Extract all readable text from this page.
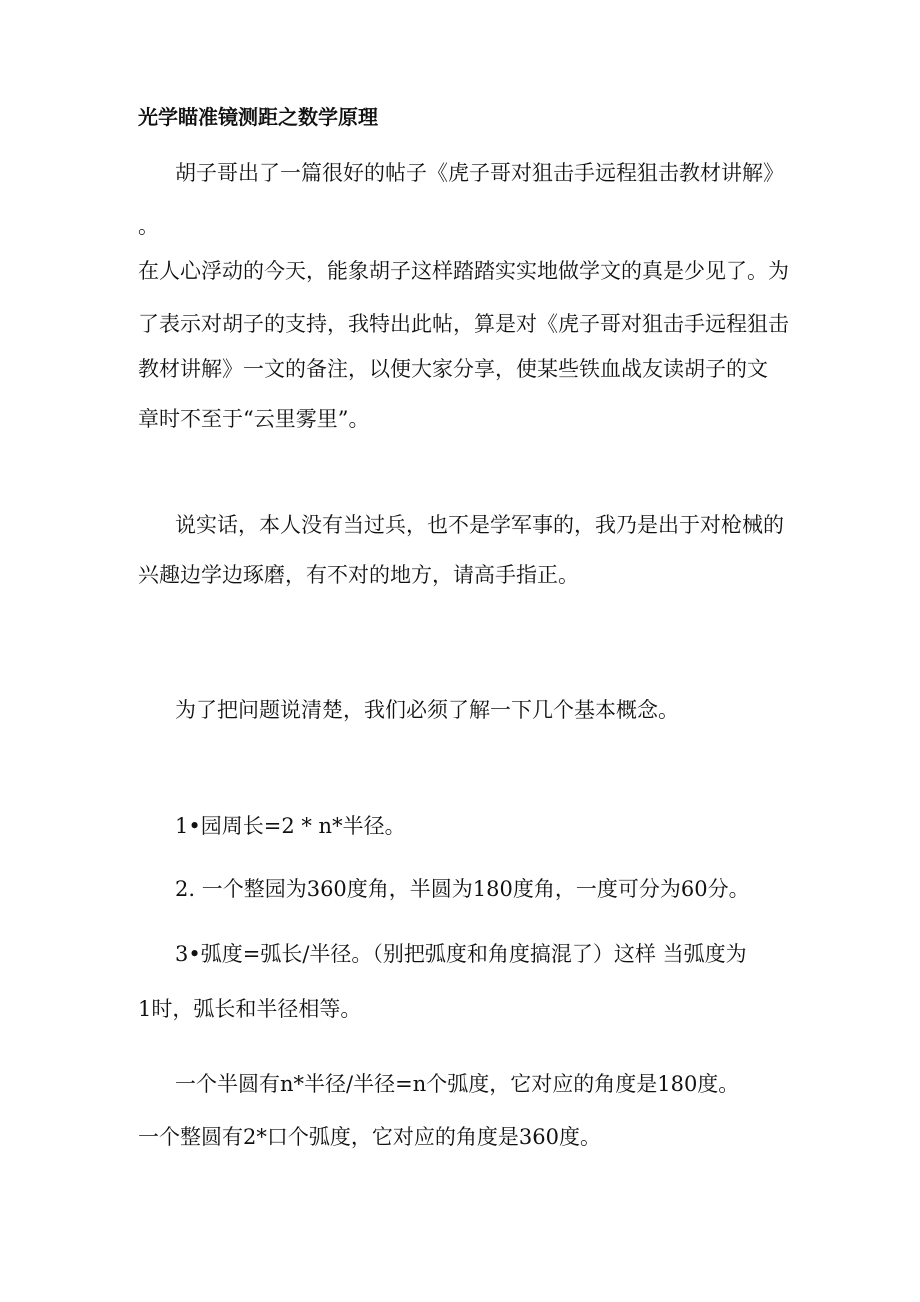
光学瞄准镜测距之数学原理
胡子哥出了一篇很好的帖子《虎子哥对狙击手远程狙击教材讲解》
。
在人心浮动的今天，能象胡子这样踏踏实实地做学文的真是少见了。为
了表示对胡子的支持，我特出此帖，算是对《虎子哥对狙击手远程狙击
教材讲解》一文的备注，以便大家分享，使某些铁血战友读胡子的文
章时不至于“云里雾里”。
说实话，本人没有当过兵，也不是学军事的，我乃是出于对枪械的
兴趣边学边琢磨，有不对的地方，请高手指正。
为了把问题说清楚，我们必须了解一下几个基本概念。
1•园周长=2 * n*半径。
2. 一个整园为360度角，半圆为180度角，一度可分为60分。
3•弧度=弧长/半径。（别把弧度和角度搞混了）这样 当弧度为
1时，弧长和半径相等。
一个半圆有n*半径/半径=n个弧度，它对应的角度是180度。
一个整圆有2*口个弧度，它对应的角度是360度。
